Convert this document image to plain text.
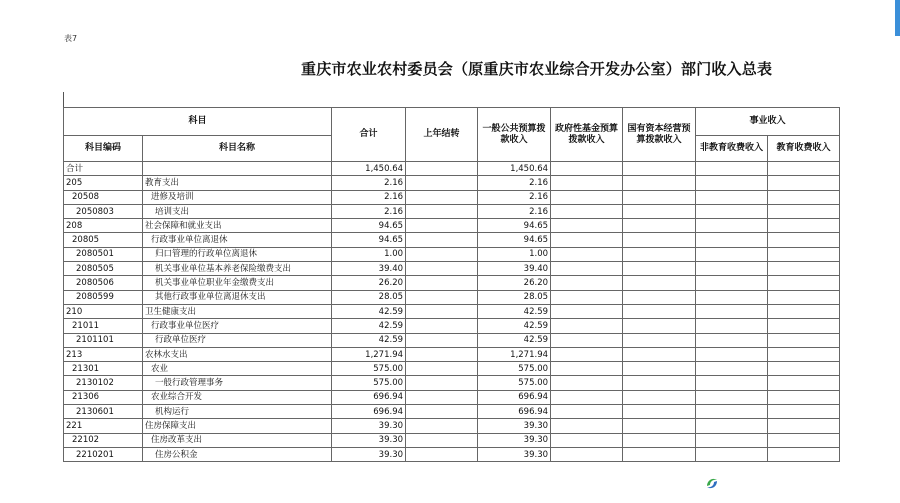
表7
重庆市农业农村委员会（原重庆市农业综合开发办公室）部门收入总表
科目		合计	上年结转	一般公共预算拨款收入	政府性基金预算拨款收入	国有资本经营预算拨款收入	事业收入	
科目编码	科目名称						非教育收费收入	教育收费收入
合计		1,450.64		1,450.64				
205	教育支出	2.16		2.16				
20508	进修及培训	2.16		2.16				
2050803	培训支出	2.16		2.16				
208	社会保障和就业支出	94.65		94.65				
20805	行政事业单位离退休	94.65		94.65				
2080501	归口管理的行政单位离退休	1.00		1.00				
2080505	机关事业单位基本养老保险缴费支出	39.40		39.40				
2080506	机关事业单位职业年金缴费支出	26.20		26.20				
2080599	其他行政事业单位离退休支出	28.05		28.05				
210	卫生健康支出	42.59		42.59				
21011	行政事业单位医疗	42.59		42.59				
2101101	行政单位医疗	42.59		42.59				
213	农林水支出	1,271.94		1,271.94				
21301	农业	575.00		575.00				
2130102	一般行政管理事务	575.00		575.00				
21306	农业综合开发	696.94		696.94				
2130601	机构运行	696.94		696.94				
221	住房保障支出	39.30		39.30				
22102	住房改革支出	39.30		39.30				
2210201	住房公积金	39.30		39.30				
